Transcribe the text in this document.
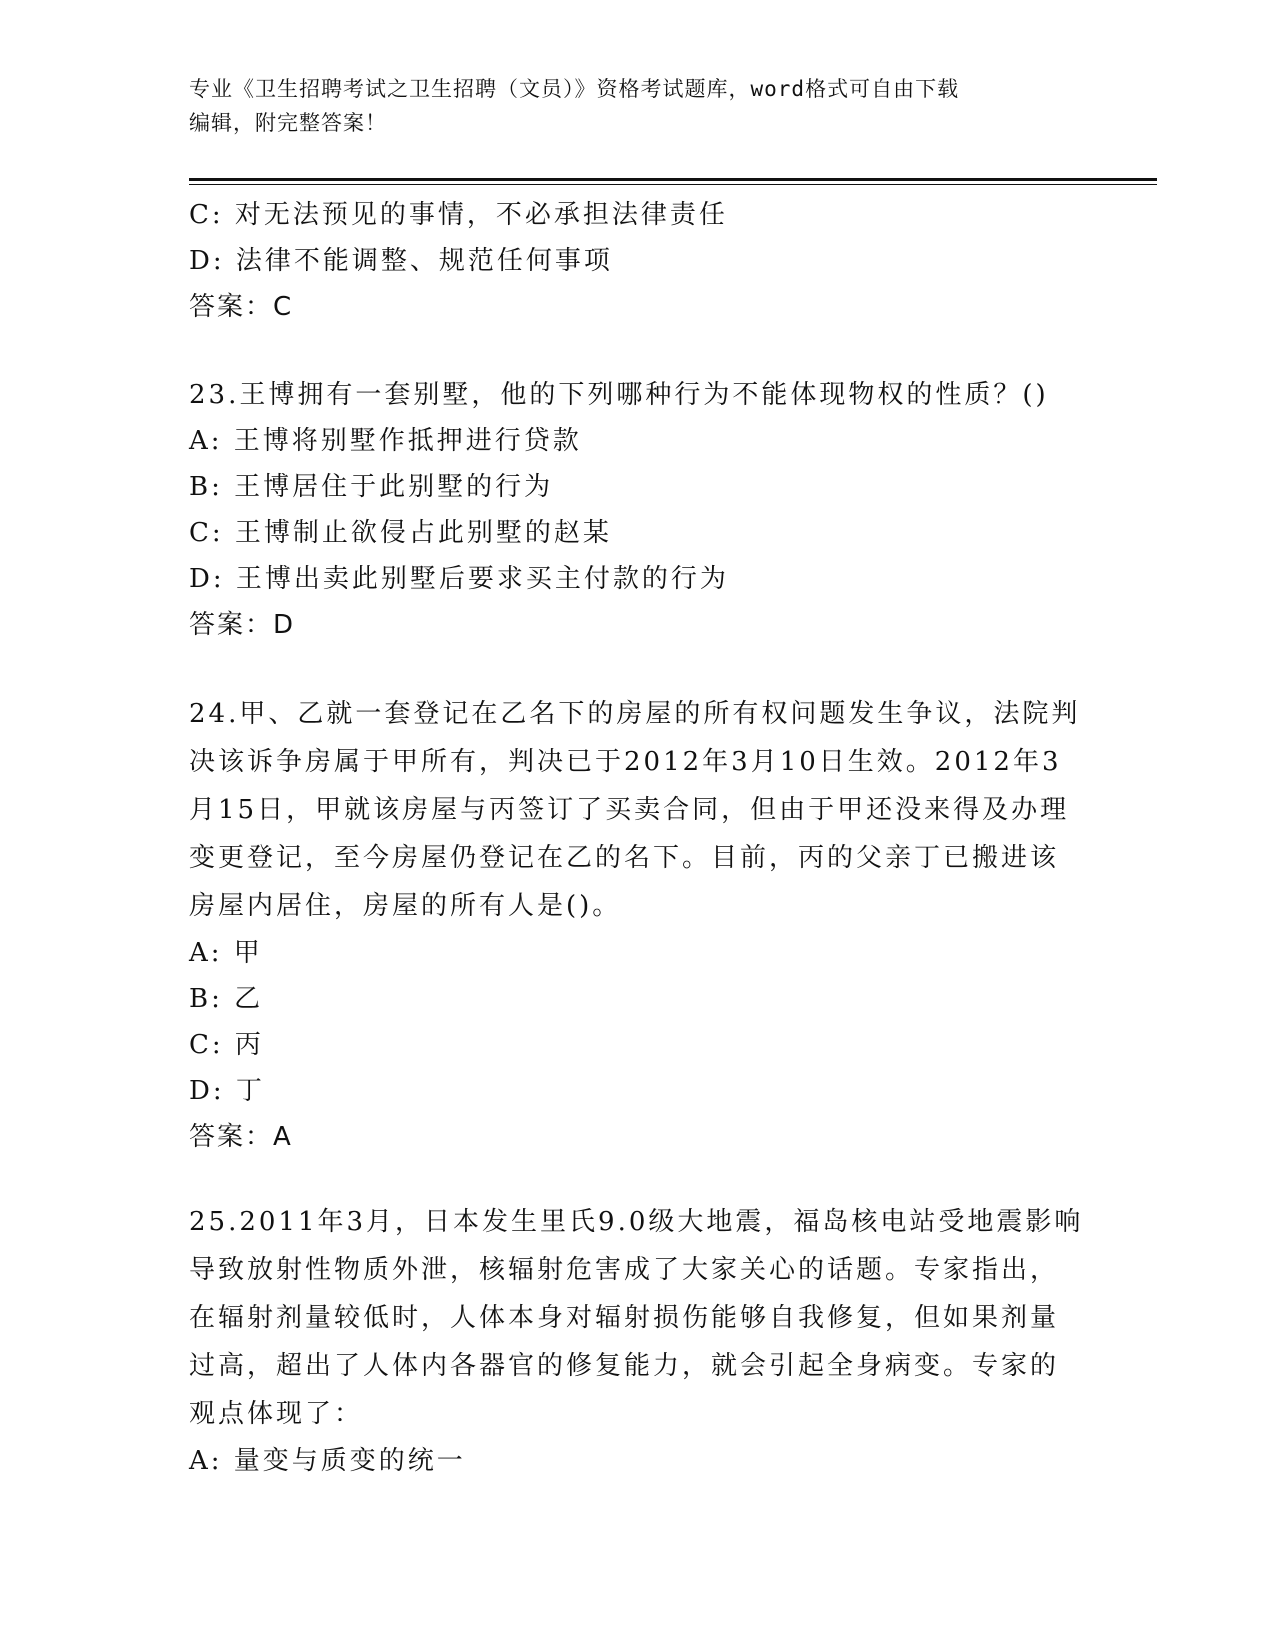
专业《卫生招聘考试之卫生招聘（文员）》资格考试题库，word格式可自由下载
编辑，附完整答案！
C: 对无法预见的事情，不必承担法律责任
D: 法律不能调整、规范任何事项
答案：C
23.王博拥有一套别墅，他的下列哪种行为不能体现物权的性质？()
A: 王博将别墅作抵押进行贷款
B: 王博居住于此别墅的行为
C: 王博制止欲侵占此别墅的赵某
D: 王博出卖此别墅后要求买主付款的行为
答案：D
24.甲、乙就一套登记在乙名下的房屋的所有权问题发生争议，法院判
决该诉争房属于甲所有，判决已于2012年3月10日生效。2012年3
月15日，甲就该房屋与丙签订了买卖合同，但由于甲还没来得及办理
变更登记，至今房屋仍登记在乙的名下。目前，丙的父亲丁已搬进该
房屋内居住，房屋的所有人是()。
A: 甲
B: 乙
C: 丙
D: 丁
答案：A
25.2011年3月，日本发生里氏9.0级大地震，福岛核电站受地震影响
导致放射性物质外泄，核辐射危害成了大家关心的话题。专家指出，
在辐射剂量较低时，人体本身对辐射损伤能够自我修复，但如果剂量
过高，超出了人体内各器官的修复能力，就会引起全身病变。专家的
观点体现了：
A: 量变与质变的统一
